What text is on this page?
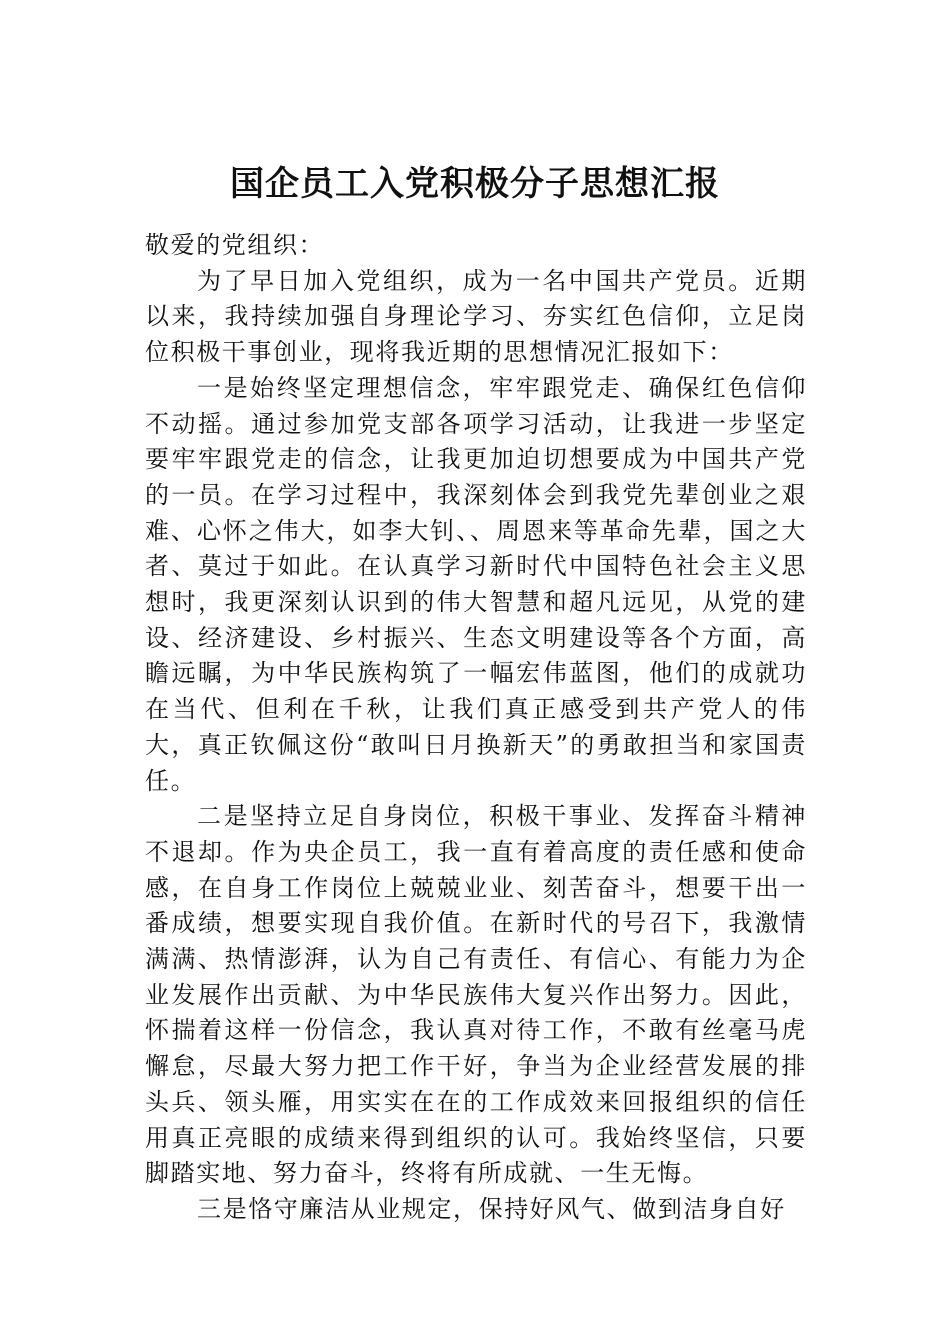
国企员工入党积极分子思想汇报

敬爱的党组织：

为了早日加入党组织，成为一名中国共产党员。近期以来，我持续加强自身理论学习、夯实红色信仰，立足岗位积极干事创业，现将我近期的思想情况汇报如下：

一是始终坚定理想信念，牢牢跟党走、确保红色信仰不动摇。通过参加党支部各项学习活动，让我进一步坚定要牢牢跟党走的信念，让我更加迫切想要成为中国共产党的一员。在学习过程中，我深刻体会到我党先辈创业之艰难、心怀之伟大，如李大钊、、周恩来等革命先辈，国之大者、莫过于如此。在认真学习新时代中国特色社会主义思想时，我更深刻认识到的伟大智慧和超凡远见，从党的建设、经济建设、乡村振兴、生态文明建设等各个方面，高瞻远瞩，为中华民族构筑了一幅宏伟蓝图，他们的成就功在当代、但利在千秋，让我们真正感受到共产党人的伟大，真正钦佩这份“敢叫日月换新天”的勇敢担当和家国责任。

二是坚持立足自身岗位，积极干事业、发挥奋斗精神不退却。作为央企员工，我一直有着高度的责任感和使命感，在自身工作岗位上兢兢业业、刻苦奋斗，想要干出一番成绩，想要实现自我价值。在新时代的号召下，我激情满满、热情澎湃，认为自己有责任、有信心、有能力为企业发展作出贡献、为中华民族伟大复兴作出努力。因此，怀揣着这样一份信念，我认真对待工作，不敢有丝毫马虎懈怠，尽最大努力把工作干好，争当为企业经营发展的排头兵、领头雁，用实实在在的工作成效来回报组织的信任用真正亮眼的成绩来得到组织的认可。我始终坚信，只要脚踏实地、努力奋斗，终将有所成就、一生无悔。

三是恪守廉洁从业规定，保持好风气、做到洁身自好
